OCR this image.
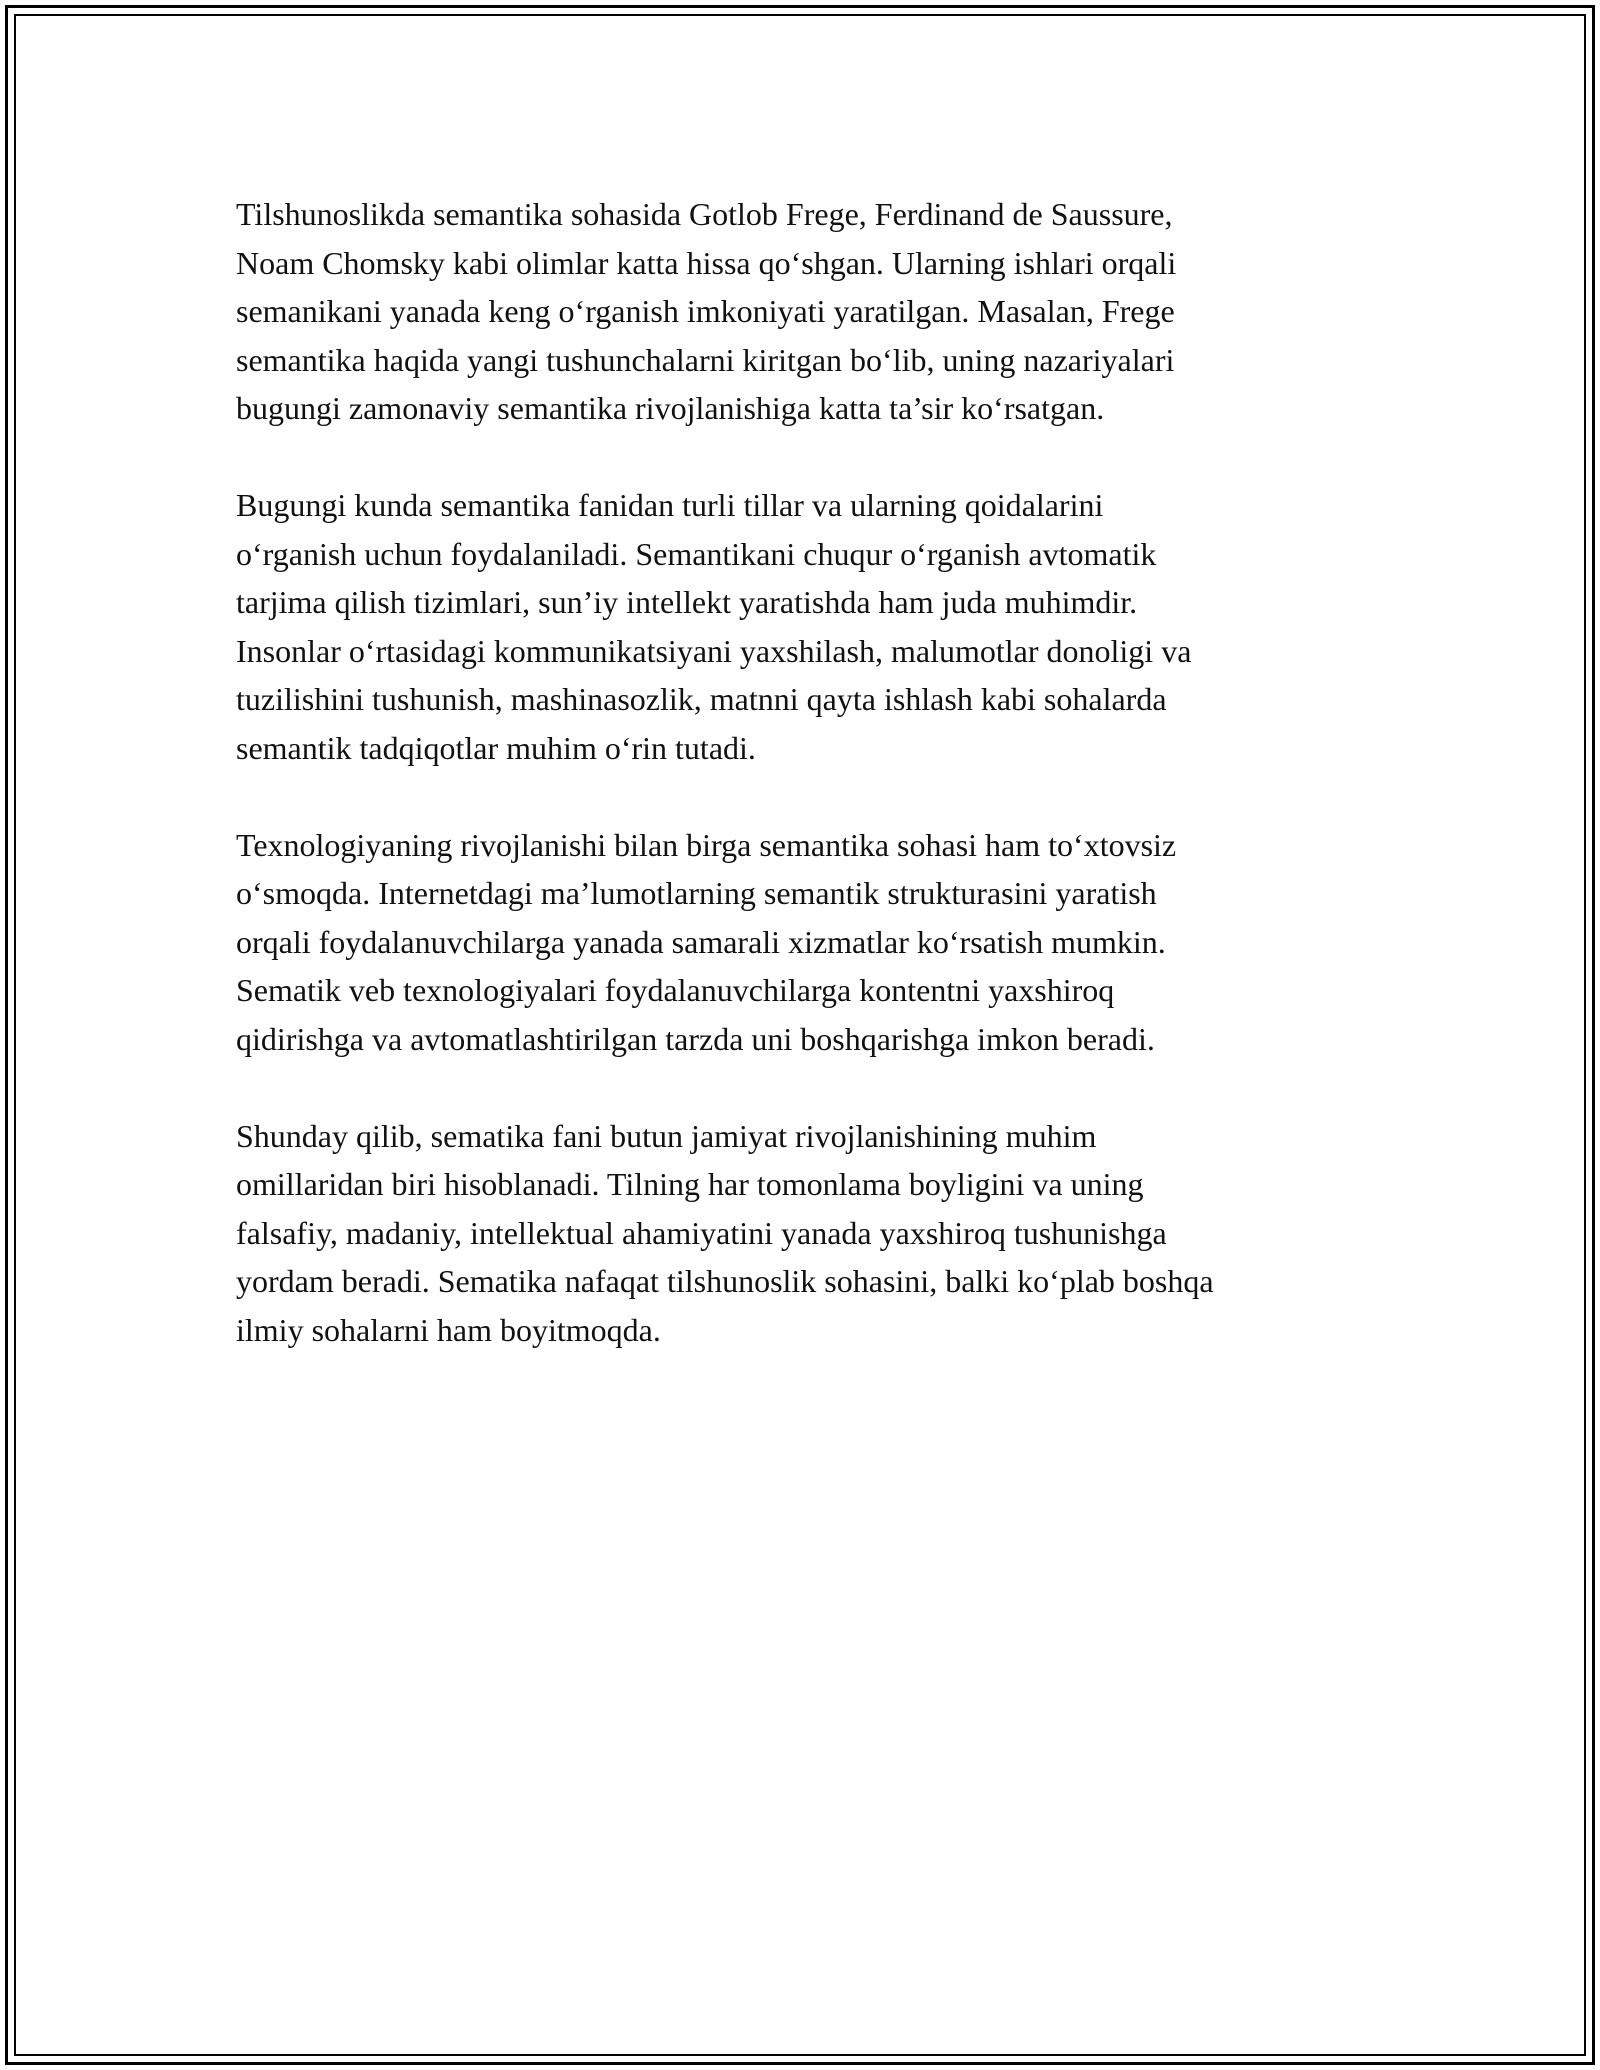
Tilshunoslikda semantika sohasida Gotlob Frege, Ferdinand de Saussure,
Noam Chomsky kabi olimlar katta hissa qo‘shgan. Ularning ishlari orqali
semanikani yanada keng o‘rganish imkoniyati yaratilgan. Masalan, Frege
semantika haqida yangi tushunchalarni kiritgan bo‘lib, uning nazariyalari
bugungi zamonaviy semantika rivojlanishiga katta ta’sir ko‘rsatgan.

Bugungi kunda semantika fanidan turli tillar va ularning qoidalarini
o‘rganish uchun foydalaniladi. Semantikani chuqur o‘rganish avtomatik
tarjima qilish tizimlari, sun’iy intellekt yaratishda ham juda muhimdir.
Insonlar o‘rtasidagi kommunikatsiyani yaxshilash, malumotlar donoligi va
tuzilishini tushunish, mashinasozlik, matnni qayta ishlash kabi sohalarda
semantik tadqiqotlar muhim o‘rin tutadi.

Texnologiyaning rivojlanishi bilan birga semantika sohasi ham to‘xtovsiz
o‘smoqda. Internetdagi ma’lumotlarning semantik strukturasini yaratish
orqali foydalanuvchilarga yanada samarali xizmatlar ko‘rsatish mumkin.
Sematik veb texnologiyalari foydalanuvchilarga kontentni yaxshiroq
qidirishga va avtomatlashtirilgan tarzda uni boshqarishga imkon beradi.

Shunday qilib, sematika fani butun jamiyat rivojlanishining muhim
omillaridan biri hisoblanadi. Tilning har tomonlama boyligini va uning
falsafiy, madaniy, intellektual ahamiyatini yanada yaxshiroq tushunishga
yordam beradi. Sematika nafaqat tilshunoslik sohasini, balki ko‘plab boshqa
ilmiy sohalarni ham boyitmoqda.
